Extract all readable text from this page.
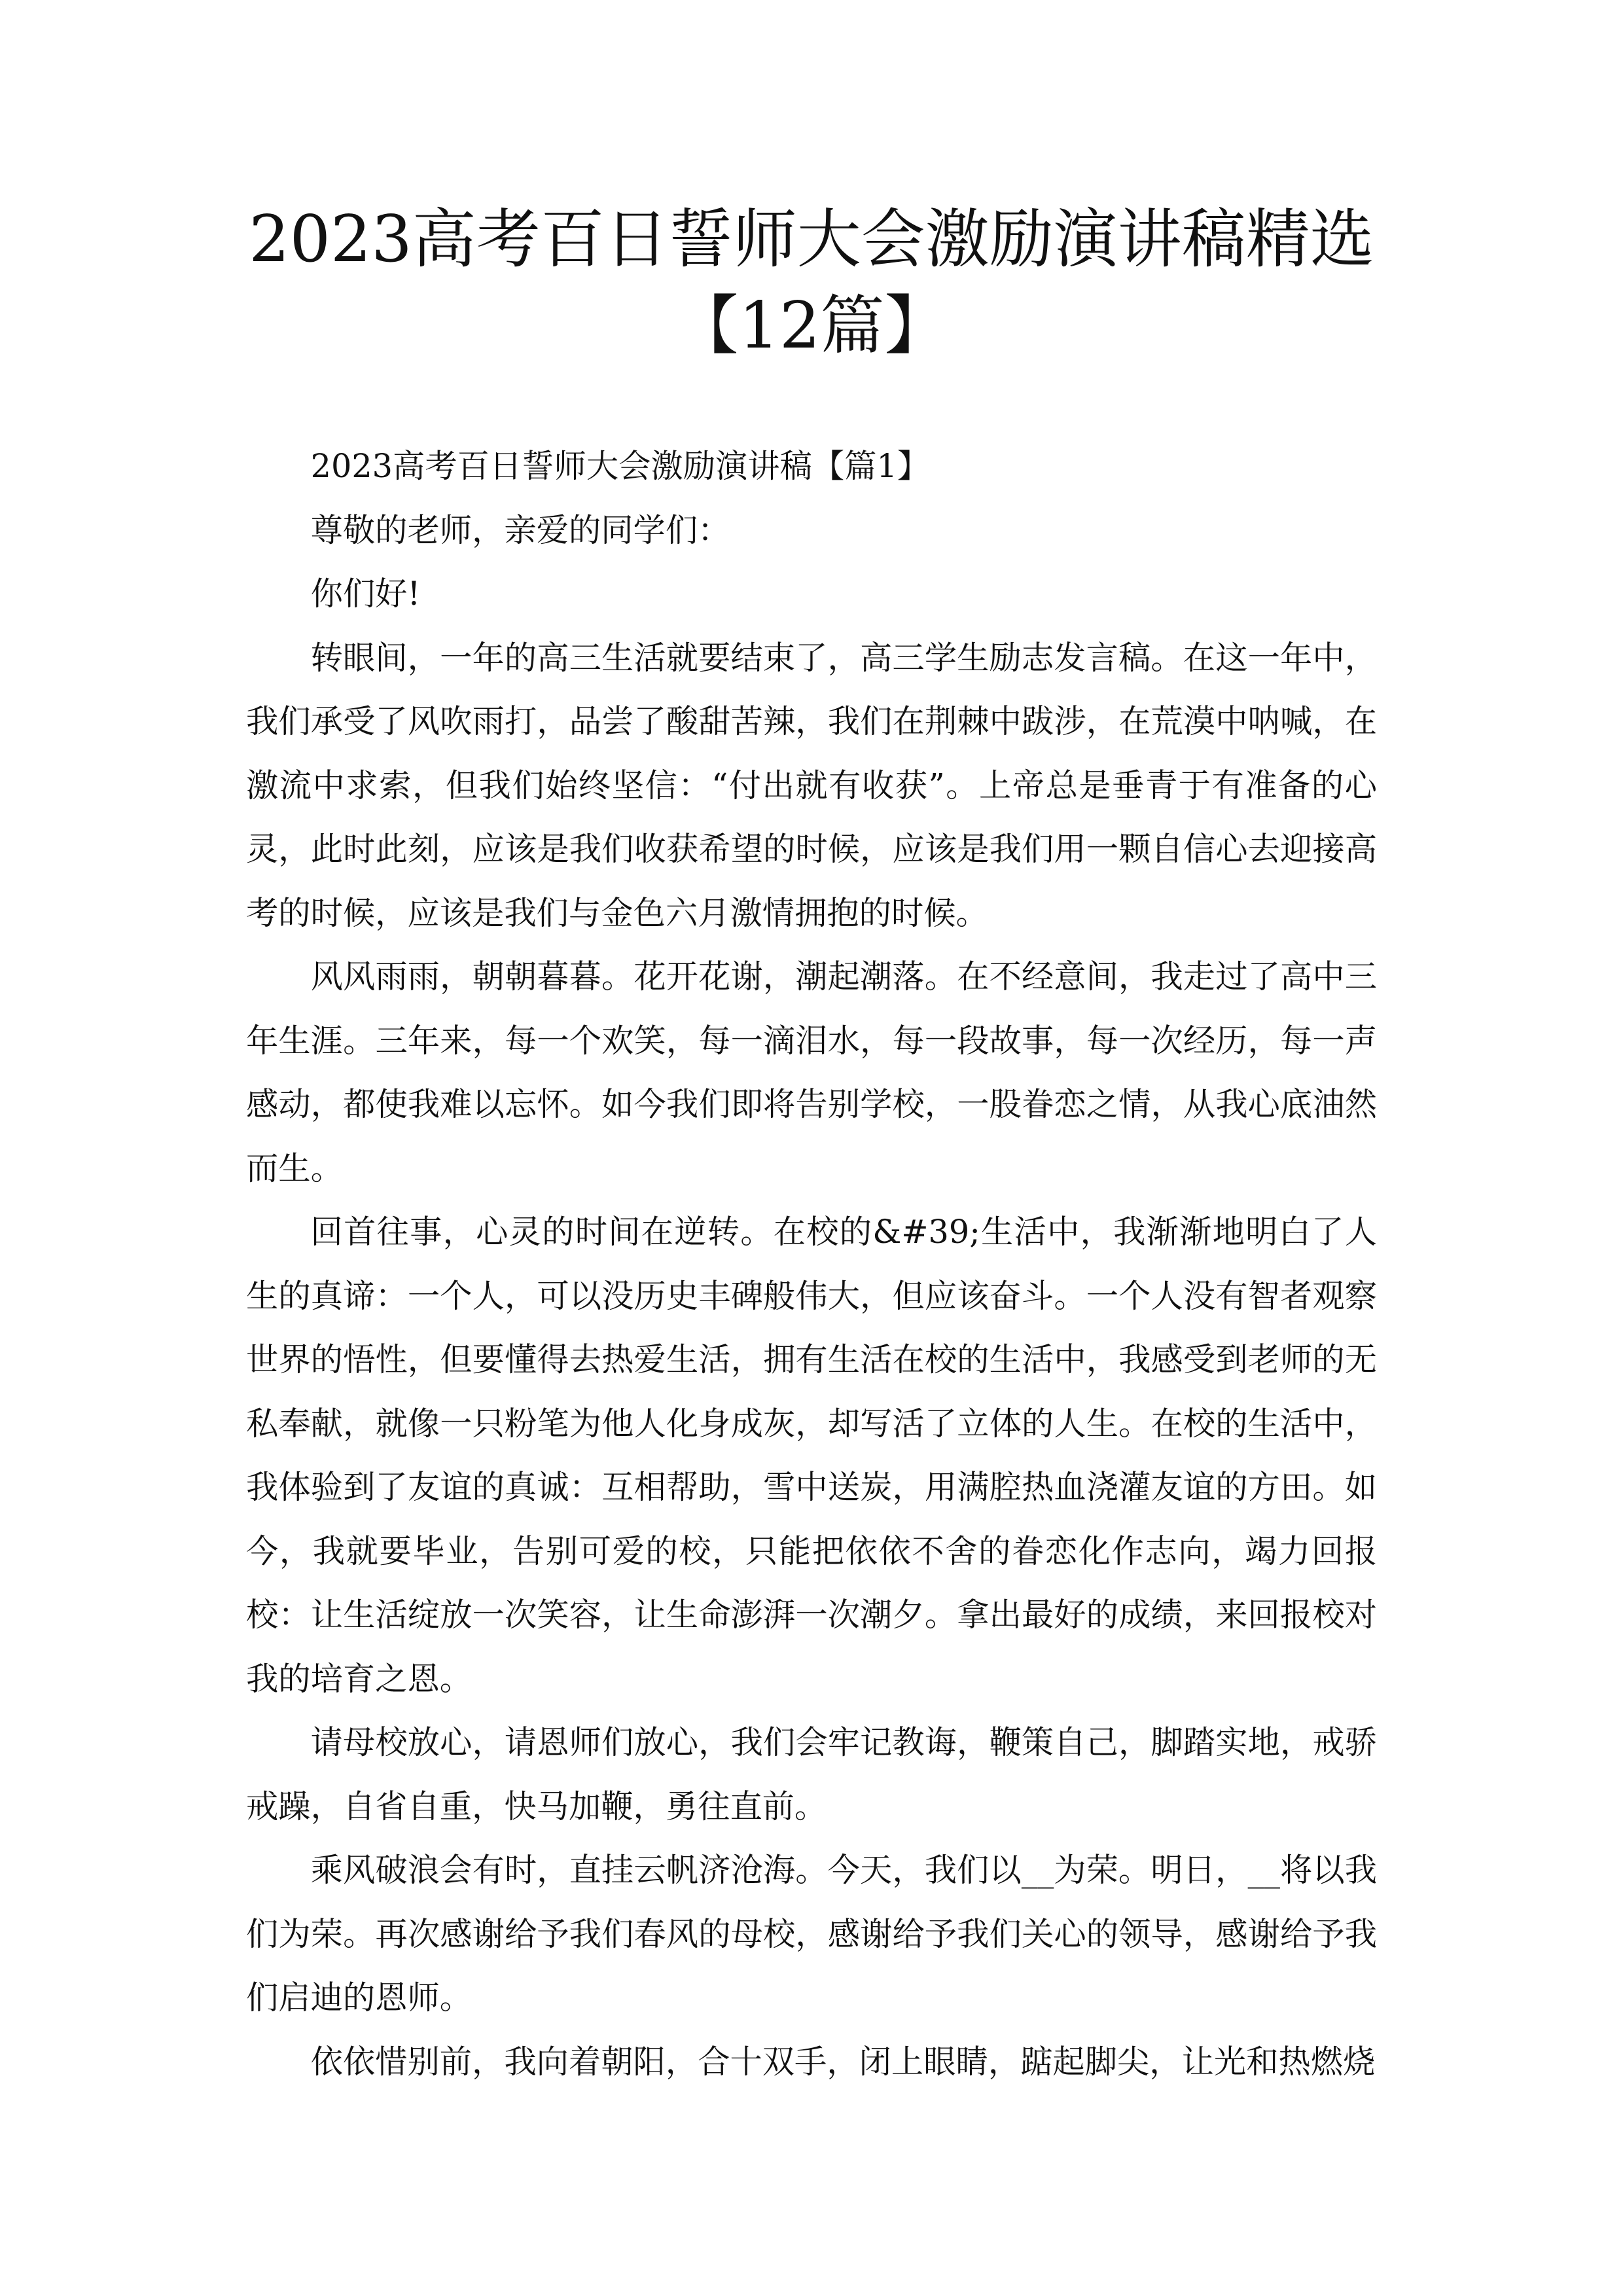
2023高考百日誓师大会激励演讲稿精选【12篇】

2023高考百日誓师大会激励演讲稿【篇1】

尊敬的老师，亲爱的同学们：

你们好!

转眼间，一年的高三生活就要结束了，高三学生励志发言稿。在这一年中，我们承受了风吹雨打，品尝了酸甜苦辣，我们在荆棘中跋涉，在荒漠中呐喊，在激流中求索，但我们始终坚信：“付出就有收获”。上帝总是垂青于有准备的心灵，此时此刻，应该是我们收获希望的时候，应该是我们用一颗自信心去迎接高考的时候，应该是我们与金色六月激情拥抱的时候。

风风雨雨，朝朝暮暮。花开花谢，潮起潮落。在不经意间，我走过了高中三年生涯。三年来，每一个欢笑，每一滴泪水，每一段故事，每一次经历，每一声感动，都使我难以忘怀。如今我们即将告别学校，一股眷恋之情，从我心底油然而生。

回首往事，心灵的时间在逆转。在校的&#39;生活中，我渐渐地明白了人生的真谛：一个人，可以没历史丰碑般伟大，但应该奋斗。一个人没有智者观察世界的悟性，但要懂得去热爱生活，拥有生活在校的生活中，我感受到老师的无私奉献，就像一只粉笔为他人化身成灰，却写活了立体的人生。在校的生活中，我体验到了友谊的真诚：互相帮助，雪中送炭，用满腔热血浇灌友谊的方田。如今，我就要毕业，告别可爱的校，只能把依依不舍的眷恋化作志向，竭力回报校：让生活绽放一次笑容，让生命澎湃一次潮夕。拿出最好的成绩，来回报校对我的培育之恩。

请母校放心，请恩师们放心，我们会牢记教诲，鞭策自己，脚踏实地，戒骄戒躁，自省自重，快马加鞭，勇往直前。

乘风破浪会有时，直挂云帆济沧海。今天，我们以__为荣。明日，__将以我们为荣。再次感谢给予我们春风的母校，感谢给予我们关心的领导，感谢给予我们启迪的恩师。

依依惜别前，我向着朝阳，合十双手，闭上眼睛，踮起脚尖，让光和热燃烧
